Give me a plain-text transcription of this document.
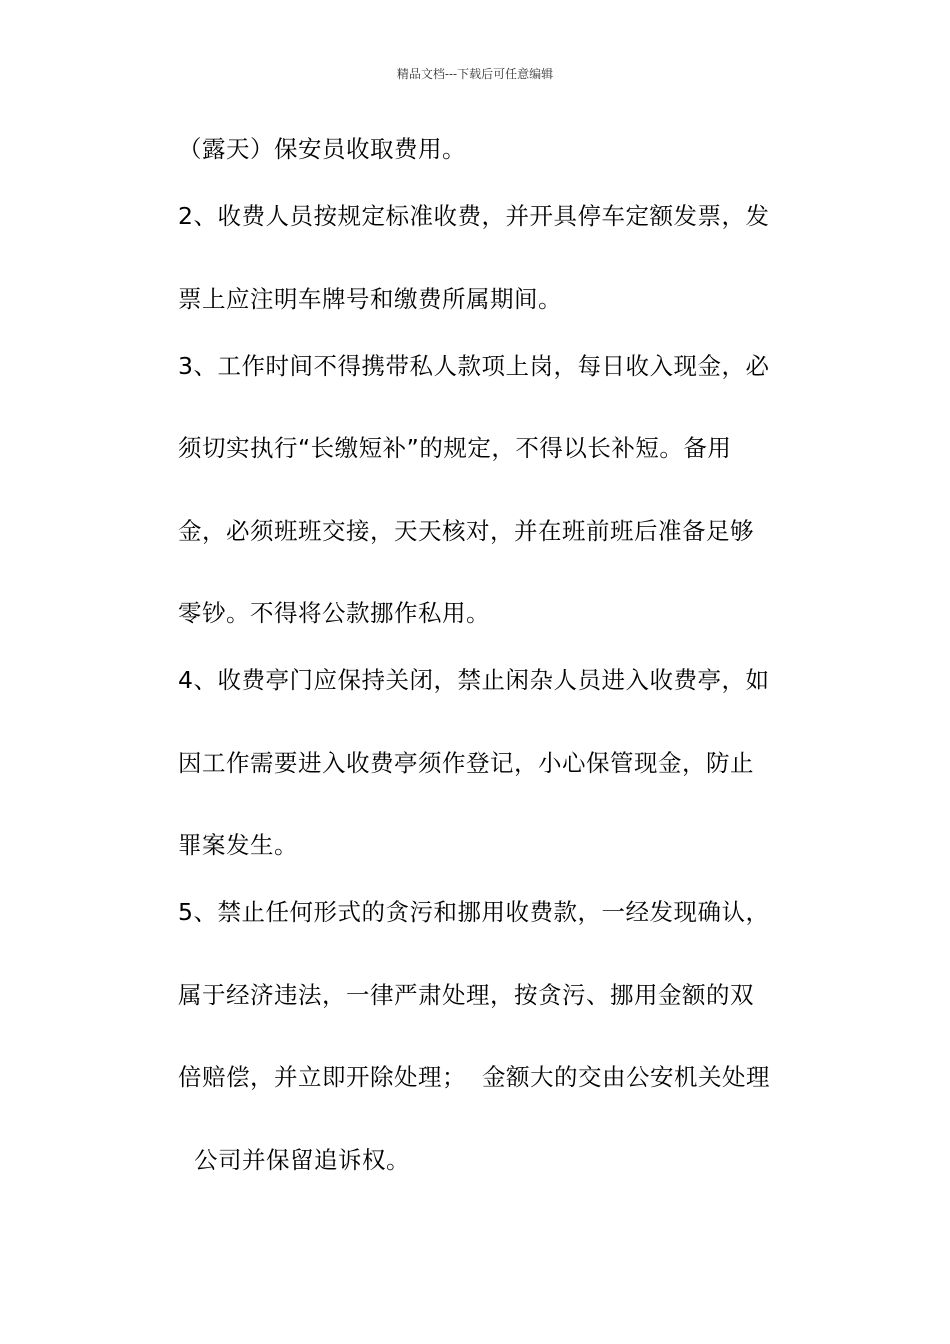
精品文档---下载后可任意编辑
（露天）保安员收取费用。
2、收费人员按规定标准收费，并开具停车定额发票，发
票上应注明车牌号和缴费所属期间。
3、工作时间不得携带私人款项上岗，每日收入现金，必
须切实执行“长缴短补”的规定，不得以长补短。备用
金，必须班班交接，天天核对，并在班前班后准备足够
零钞。不得将公款挪作私用。
4、收费亭门应保持关闭，禁止闲杂人员进入收费亭，如
因工作需要进入收费亭须作登记，小心保管现金，防止
罪案发生。
5、禁止任何形式的贪污和挪用收费款，一经发现确认，
属于经济违法，一律严肃处理，按贪污、挪用金额的双
倍赔偿，并立即开除处理；  金额大的交由公安机关处理
公司并保留追诉权。
